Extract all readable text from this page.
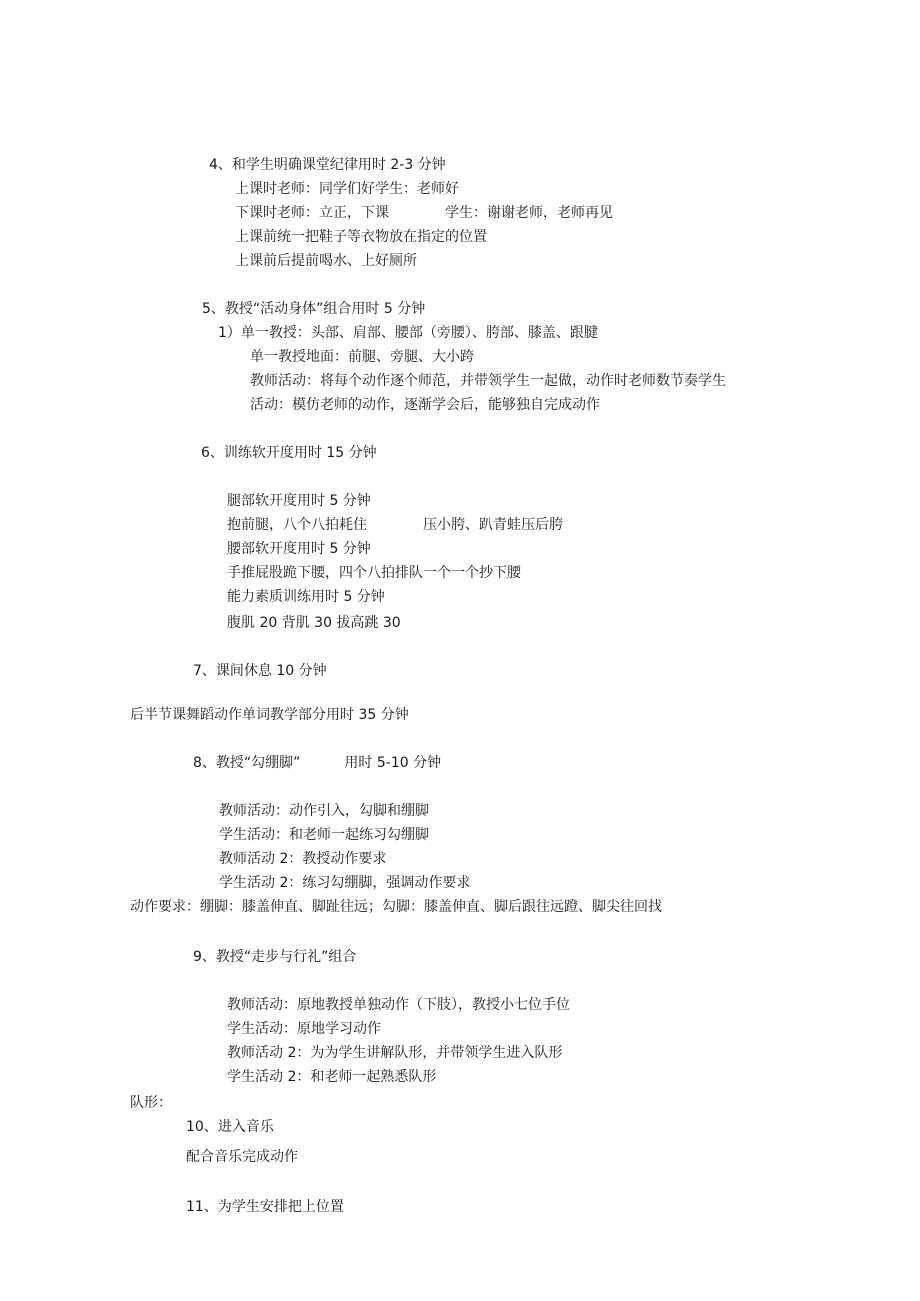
4、和学生明确课堂纪律用时 2-3 分钟

上课时老师：同学们好学生：老师好

下课时老师：立正，下课	学生：谢谢老师，老师再见

上课前统一把鞋子等衣物放在指定的位置

上课前后提前喝水、上好厕所

5、教授“活动身体”组合用时 5 分钟

1）单一教授：头部、肩部、腰部（旁腰）、胯部、膝盖、跟腱

单一教授地面：前腿、旁腿、大小跨

教师活动：将每个动作逐个师范，并带领学生一起做，动作时老师数节奏学生

活动：模仿老师的动作，逐渐学会后，能够独自完成动作

6、训练软开度用时 15 分钟

腿部软开度用时 5 分钟

抱前腿，八个八拍耗住	压小胯、趴青蛙压后胯

腰部软开度用时 5 分钟

手推屁股跪下腰，四个八拍排队一个一个抄下腰

能力素质训练用时 5 分钟

腹肌 20 背肌 30 拔高跳 30

7、课间休息 10 分钟

后半节课舞蹈动作单词教学部分用时 35 分钟

8、教授“勾绷脚”	用时 5-10 分钟

教师活动：动作引入，勾脚和绷脚

学生活动：和老师一起练习勾绷脚

教师活动 2：教授动作要求

学生活动 2：练习勾绷脚，强调动作要求

动作要求：绷脚：膝盖伸直、脚趾往远；勾脚：膝盖伸直、脚后跟往远蹬、脚尖往回找

9、教授“走步与行礼”组合

教师活动：原地教授单独动作（下肢），教授小七位手位

学生活动：原地学习动作

教师活动 2：为为学生讲解队形，并带领学生进入队形

学生活动 2：和老师一起熟悉队形

队形：

10、进入音乐

配合音乐完成动作

11、为学生安排把上位置
